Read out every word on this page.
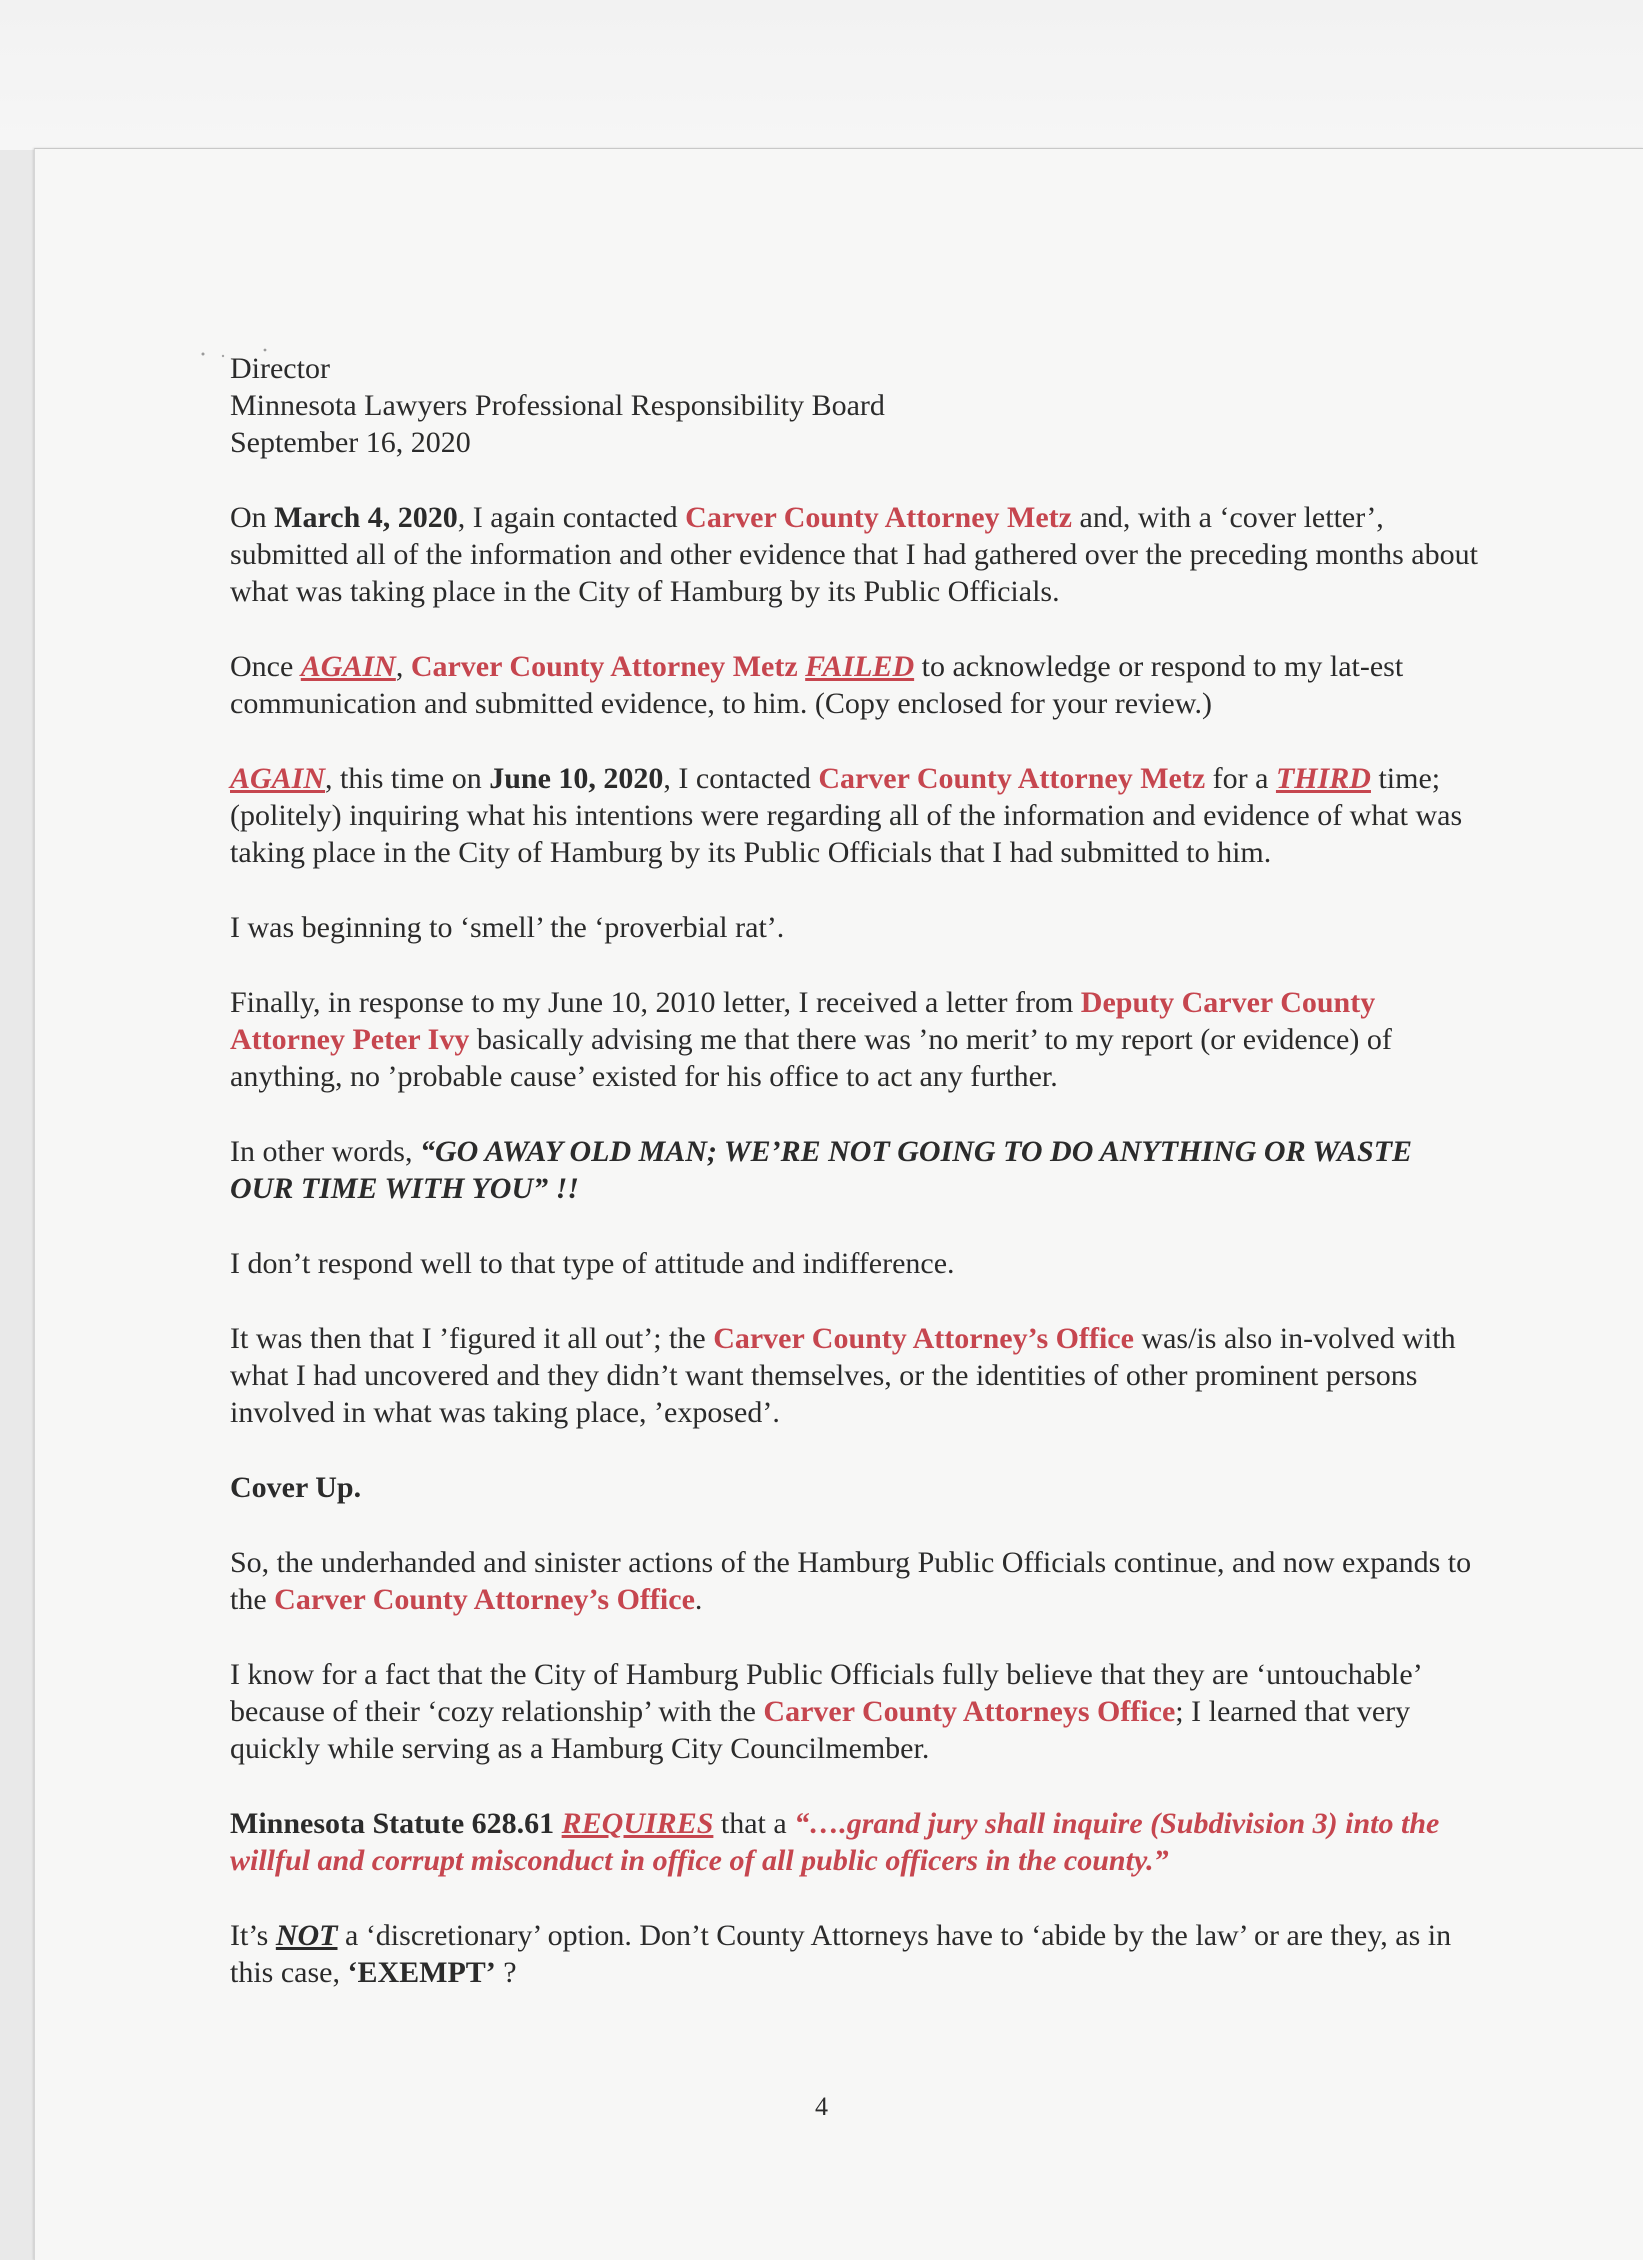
Director
Minnesota Lawyers Professional Responsibility Board
September 16, 2020

On March 4, 2020, I again contacted Carver County Attorney Metz and, with a ‘cover letter’, submitted all of the information and other evidence that I had gathered over the preceding months about what was taking place in the City of Hamburg by its Public Officials.

Once AGAIN, Carver County Attorney Metz FAILED to acknowledge or respond to my lat-est communication and submitted evidence, to him. (Copy enclosed for your review.)

AGAIN, this time on June 10, 2020, I contacted Carver County Attorney Metz for a THIRD time; (politely) inquiring what his intentions were regarding all of the information and evidence of what was taking place in the City of Hamburg by its Public Officials that I had submitted to him.

I was beginning to ‘smell’ the ‘proverbial rat’.

Finally, in response to my June 10, 2010 letter, I received a letter from Deputy Carver County Attorney Peter Ivy basically advising me that there was ’no merit’ to my report (or evidence) of anything, no ’probable cause’ existed for his office to act any further.

In other words, “GO AWAY OLD MAN; WE’RE NOT GOING TO DO ANYTHING OR WASTE OUR TIME WITH YOU” !!

I don’t respond well to that type of attitude and indifference.

It was then that I ’figured it all out’; the Carver County Attorney’s Office was/is also in-volved with what I had uncovered and they didn’t want themselves, or the identities of other prominent persons involved in what was taking place, ’exposed’.

Cover Up.

So, the underhanded and sinister actions of the Hamburg Public Officials continue, and now expands to the Carver County Attorney’s Office.

I know for a fact that the City of Hamburg Public Officials fully believe that they are ‘untouchable’ because of their ‘cozy relationship’ with the Carver County Attorneys Office; I learned that very quickly while serving as a Hamburg City Councilmember.

Minnesota Statute 628.61 REQUIRES that a “….grand jury shall inquire (Subdivision 3) into the willful and corrupt misconduct in office of all public officers in the county.”

It’s NOT a ‘discretionary’ option. Don’t County Attorneys have to ‘abide by the law’ or are they, as in this case, ‘EXEMPT’ ?

4
